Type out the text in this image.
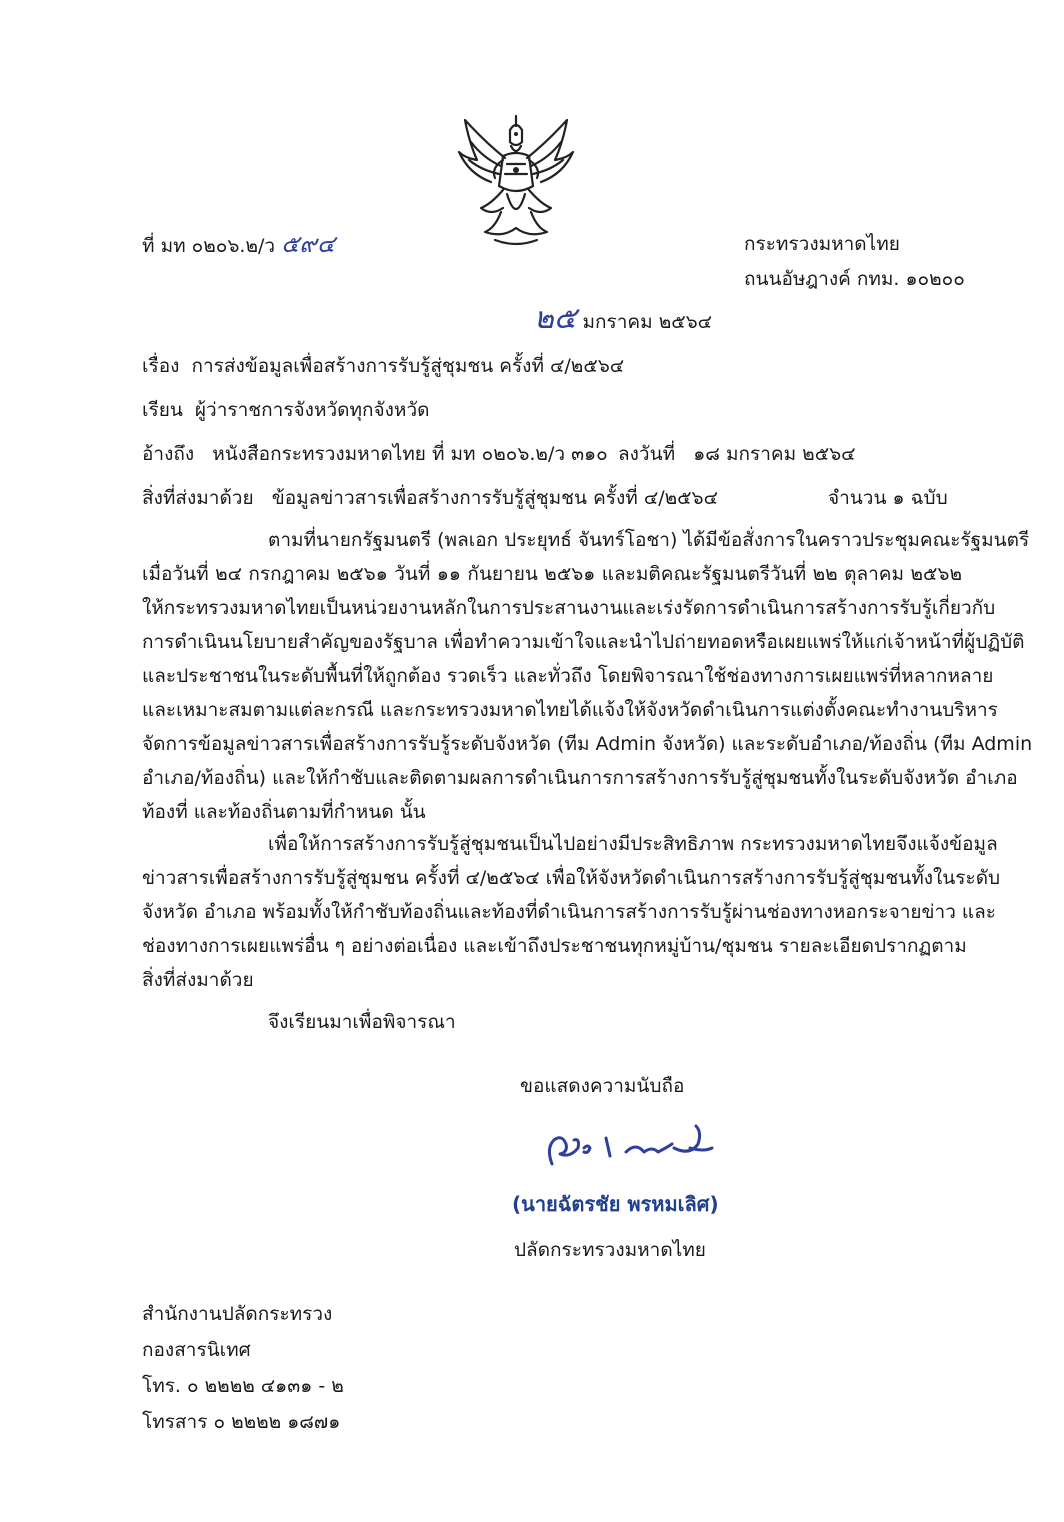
ที่ มท ๐๒๐๖.๒/ว ๕๙๔	กระทรวงมหาดไทย
ถนนอัษฎางค์ กทม. ๑๐๒๐๐
๒๕ มกราคม ๒๕๖๔
เรื่อง การส่งข้อมูลเพื่อสร้างการรับรู้สู่ชุมชน ครั้งที่ ๔/๒๕๖๔
เรียน ผู้ว่าราชการจังหวัดทุกจังหวัด
อ้างถึง หนังสือกระทรวงมหาดไทย ที่ มท ๐๒๐๖.๒/ว ๓๑๐ ลงวันที่ ๑๘ มกราคม ๒๕๖๔
สิ่งที่ส่งมาด้วย ข้อมูลข่าวสารเพื่อสร้างการรับรู้สู่ชุมชน ครั้งที่ ๔/๒๕๖๔	จำนวน ๑ ฉบับ
ตามที่นายกรัฐมนตรี (พลเอก ประยุทธ์ จันทร์โอชา) ได้มีข้อสั่งการในคราวประชุมคณะรัฐมนตรี
เมื่อวันที่ ๒๔ กรกฎาคม ๒๕๖๑ วันที่ ๑๑ กันยายน ๒๕๖๑ และมติคณะรัฐมนตรีวันที่ ๒๒ ตุลาคม ๒๕๖๒
ให้กระทรวงมหาดไทยเป็นหน่วยงานหลักในการประสานงานและเร่งรัดการดำเนินการสร้างการรับรู้เกี่ยวกับ
การดำเนินนโยบายสำคัญของรัฐบาล เพื่อทำความเข้าใจและนำไปถ่ายทอดหรือเผยแพร่ให้แก่เจ้าหน้าที่ผู้ปฏิบัติ
และประชาชนในระดับพื้นที่ให้ถูกต้อง รวดเร็ว และทั่วถึง โดยพิจารณาใช้ช่องทางการเผยแพร่ที่หลากหลาย
และเหมาะสมตามแต่ละกรณี และกระทรวงมหาดไทยได้แจ้งให้จังหวัดดำเนินการแต่งตั้งคณะทำงานบริหาร
จัดการข้อมูลข่าวสารเพื่อสร้างการรับรู้ระดับจังหวัด (ทีม Admin จังหวัด) และระดับอำเภอ/ท้องถิ่น (ทีม Admin
อำเภอ/ท้องถิ่น) และให้กำชับและติดตามผลการดำเนินการการสร้างการรับรู้สู่ชุมชนทั้งในระดับจังหวัด อำเภอ
ท้องที่ และท้องถิ่นตามที่กำหนด นั้น
เพื่อให้การสร้างการรับรู้สู่ชุมชนเป็นไปอย่างมีประสิทธิภาพ กระทรวงมหาดไทยจึงแจ้งข้อมูล
ข่าวสารเพื่อสร้างการรับรู้สู่ชุมชน ครั้งที่ ๔/๒๕๖๔ เพื่อให้จังหวัดดำเนินการสร้างการรับรู้สู่ชุมชนทั้งในระดับ
จังหวัด อำเภอ พร้อมทั้งให้กำชับท้องถิ่นและท้องที่ดำเนินการสร้างการรับรู้ผ่านช่องทางหอกระจายข่าว และ
ช่องทางการเผยแพร่อื่น ๆ อย่างต่อเนื่อง และเข้าถึงประชาชนทุกหมู่บ้าน/ชุมชน รายละเอียดปรากฏตาม
สิ่งที่ส่งมาด้วย
จึงเรียนมาเพื่อพิจารณา
ขอแสดงความนับถือ
(นายฉัตรชัย พรหมเลิศ)
ปลัดกระทรวงมหาดไทย
สำนักงานปลัดกระทรวง
กองสารนิเทศ
โทร. ๐ ๒๒๒๒ ๔๑๓๑ - ๒
โทรสาร ๐ ๒๒๒๒ ๑๘๗๑
